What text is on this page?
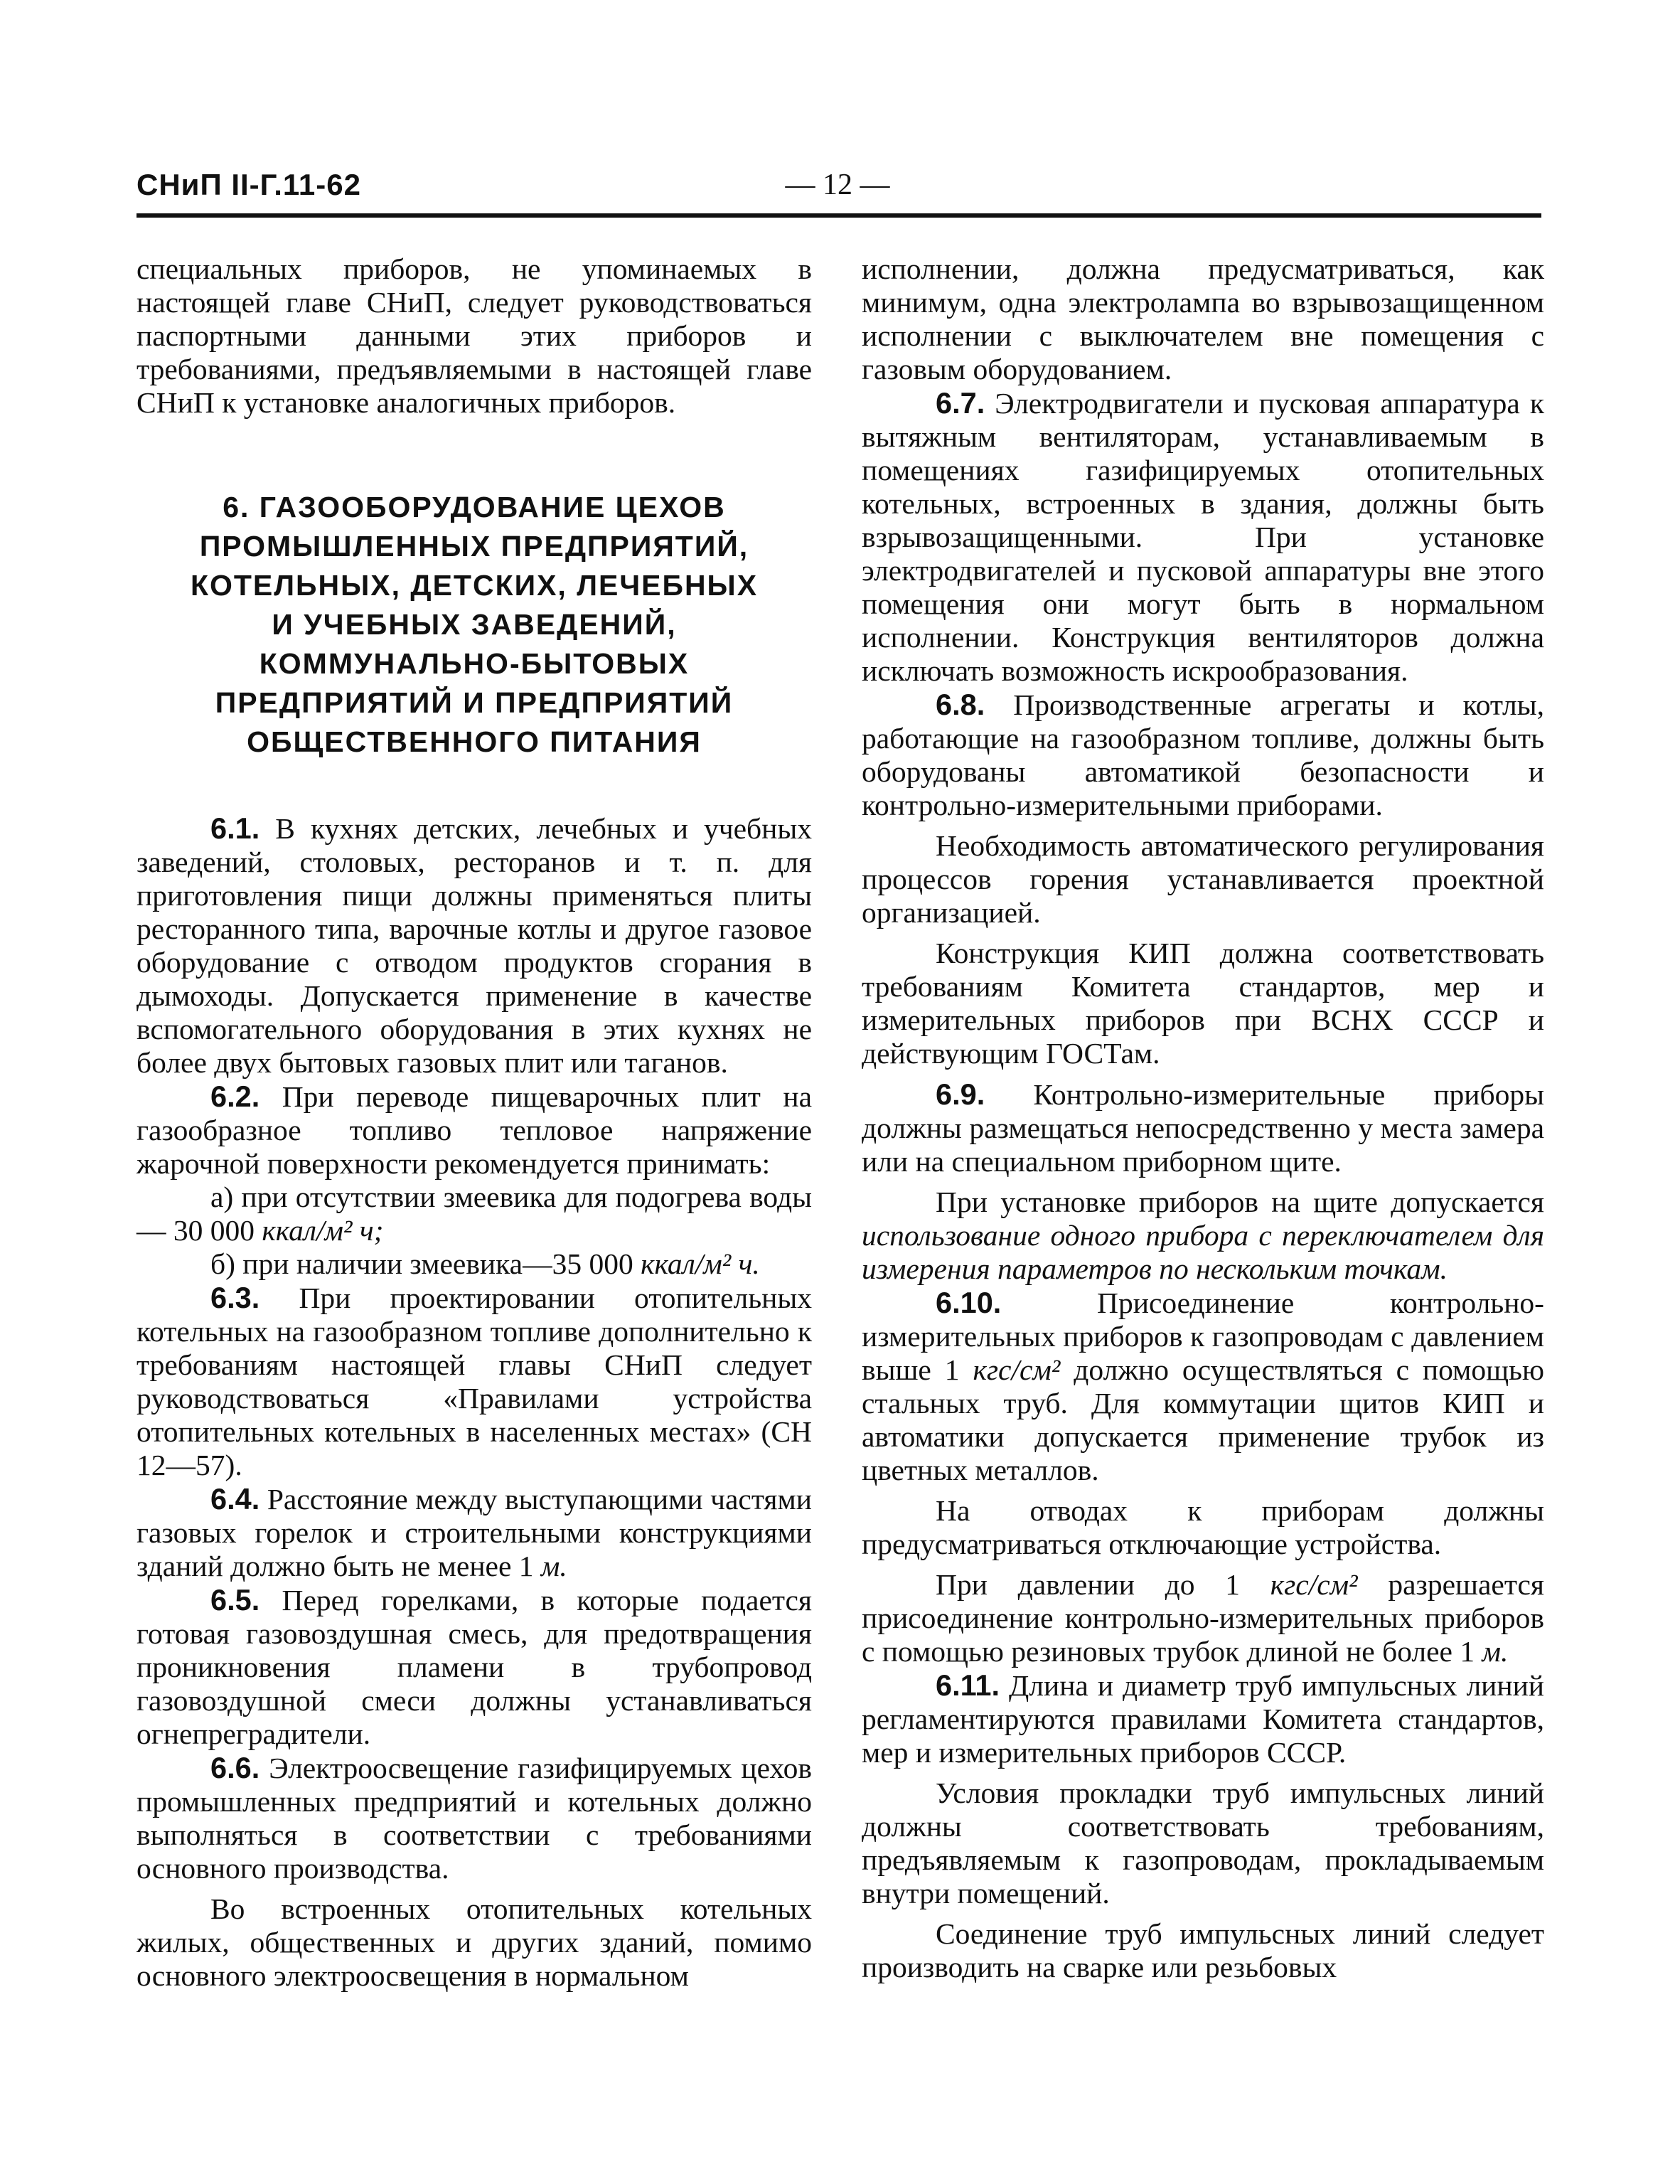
СНиП II-Г.11-62	— 12 —

специальных приборов, не упоминаемых в настоящей главе СНиП, следует руководствоваться паспортными данными этих приборов и требованиями, предъявляемыми в настоящей главе СНиП к установке аналогичных приборов.

6. ГАЗООБОРУДОВАНИЕ ЦЕХОВ
ПРОМЫШЛЕННЫХ ПРЕДПРИЯТИЙ,
КОТЕЛЬНЫХ, ДЕТСКИХ, ЛЕЧЕБНЫХ
И УЧЕБНЫХ ЗАВЕДЕНИЙ,
КОММУНАЛЬНО-БЫТОВЫХ
ПРЕДПРИЯТИЙ И ПРЕДПРИЯТИЙ
ОБЩЕСТВЕННОГО ПИТАНИЯ

6.1. В кухнях детских, лечебных и учебных заведений, столовых, ресторанов и т. п. для приготовления пищи должны применяться плиты ресторанного типа, варочные котлы и другое газовое оборудование с отводом продуктов сгорания в дымоходы. Допускается применение в качестве вспомогательного оборудования в этих кухнях не более двух бытовых газовых плит или таганов.

6.2. При переводе пищеварочных плит на газообразное топливо тепловое напряжение жарочной поверхности рекомендуется принимать:

а) при отсутствии змеевика для подогрева воды — 30 000 ккал/м² ч;

б) при наличии змеевика—35 000 ккал/м² ч.

6.3. При проектировании отопительных котельных на газообразном топливе дополнительно к требованиям настоящей главы СНиП следует руководствоваться «Правилами устройства отопительных котельных в населенных местах» (СН 12—57).

6.4. Расстояние между выступающими частями газовых горелок и строительными конструкциями зданий должно быть не менее 1 м.

6.5. Перед горелками, в которые подается готовая газовоздушная смесь, для предотвращения проникновения пламени в трубопровод газовоздушной смеси должны устанавливаться огнепреградители.

6.6. Электроосвещение газифицируемых цехов промышленных предприятий и котельных должно выполняться в соответствии с требованиями основного производства.

Во встроенных отопительных котельных жилых, общественных и других зданий, помимо основного электроосвещения в нормальном

исполнении, должна предусматриваться, как минимум, одна электролампа во взрывозащищенном исполнении с выключателем вне помещения с газовым оборудованием.

6.7. Электродвигатели и пусковая аппаратура к вытяжным вентиляторам, устанавливаемым в помещениях газифицируемых отопительных котельных, встроенных в здания, должны быть взрывозащищенными. При установке электродвигателей и пусковой аппаратуры вне этого помещения они могут быть в нормальном исполнении. Конструкция вентиляторов должна исключать возможность искрообразования.

6.8. Производственные агрегаты и котлы, работающие на газообразном топливе, должны быть оборудованы автоматикой безопасности и контрольно-измерительными приборами.

Необходимость автоматического регулирования процессов горения устанавливается проектной организацией.

Конструкция КИП должна соответствовать требованиям Комитета стандартов, мер и измерительных приборов при ВСНХ СССР и действующим ГОСТам.

6.9. Контрольно-измерительные приборы должны размещаться непосредственно у места замера или на специальном приборном щите.

При установке приборов на щите допускается использование одного прибора с переключателем для измерения параметров по нескольким точкам.

6.10.	Присоединение контрольно-измерительных приборов к газопроводам с давлением выше 1 кгс/см² должно осуществляться с помощью стальных труб. Для коммутации щитов КИП и автоматики допускается применение трубок из цветных металлов.

На отводах к приборам должны предусматриваться отключающие устройства.

При давлении до 1 кгс/см² разрешается присоединение контрольно-измерительных приборов с помощью резиновых трубок длиной не более 1 м.

6.11. Длина и диаметр труб импульсных линий регламентируются правилами Комитета стандартов, мер и измерительных приборов СССР.

Условия прокладки труб импульсных линий должны соответствовать требованиям, предъявляемым к газопроводам, прокладываемым внутри помещений.

Соединение труб импульсных линий следует производить на сварке или резьбовых
